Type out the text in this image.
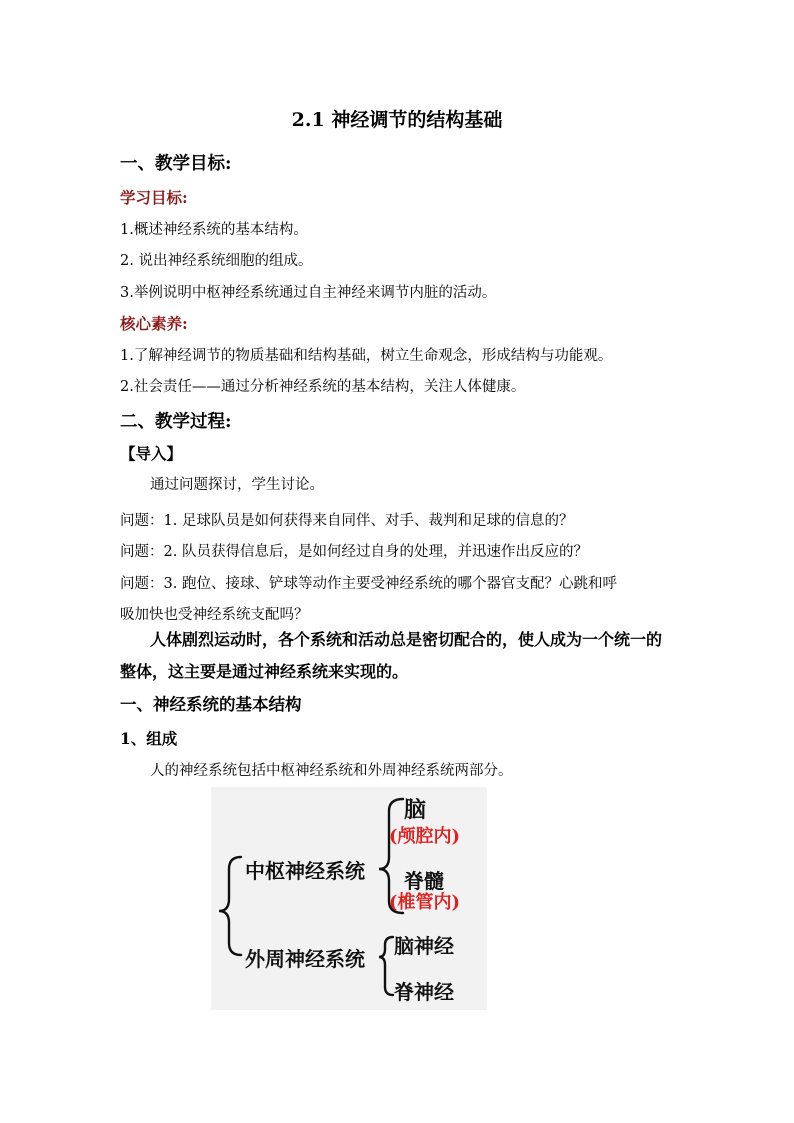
2.1 神经调节的结构基础
一、教学目标:
学习目标:
1.概述神经系统的基本结构。
2. 说出神经系统细胞的组成。
3.举例说明中枢神经系统通过自主神经来调节内脏的活动。
核心素养:
1.了解神经调节的物质基础和结构基础，树立生命观念，形成结构与功能观。
2.社会责任——通过分析神经系统的基本结构，关注人体健康。
二、教学过程:
【导入】
通过问题探讨，学生讨论。
问题：1. 足球队员是如何获得来自同伴、对手、裁判和足球的信息的？
问题：2. 队员获得信息后，是如何经过自身的处理，并迅速作出反应的？
问题：3. 跑位、接球、铲球等动作主要受神经系统的哪个器官支配？心跳和呼
吸加快也受神经系统支配吗？
人体剧烈运动时，各个系统和活动总是密切配合的，使人成为一个统一的
整体，这主要是通过神经系统来实现的。
一、神经系统的基本结构
1、组成
人的神经系统包括中枢神经系统和外周神经系统两部分。
脑
(颅腔内)
中枢神经系统 脊髓
(椎管内)
外周神经系统
脑神经
脊神经
